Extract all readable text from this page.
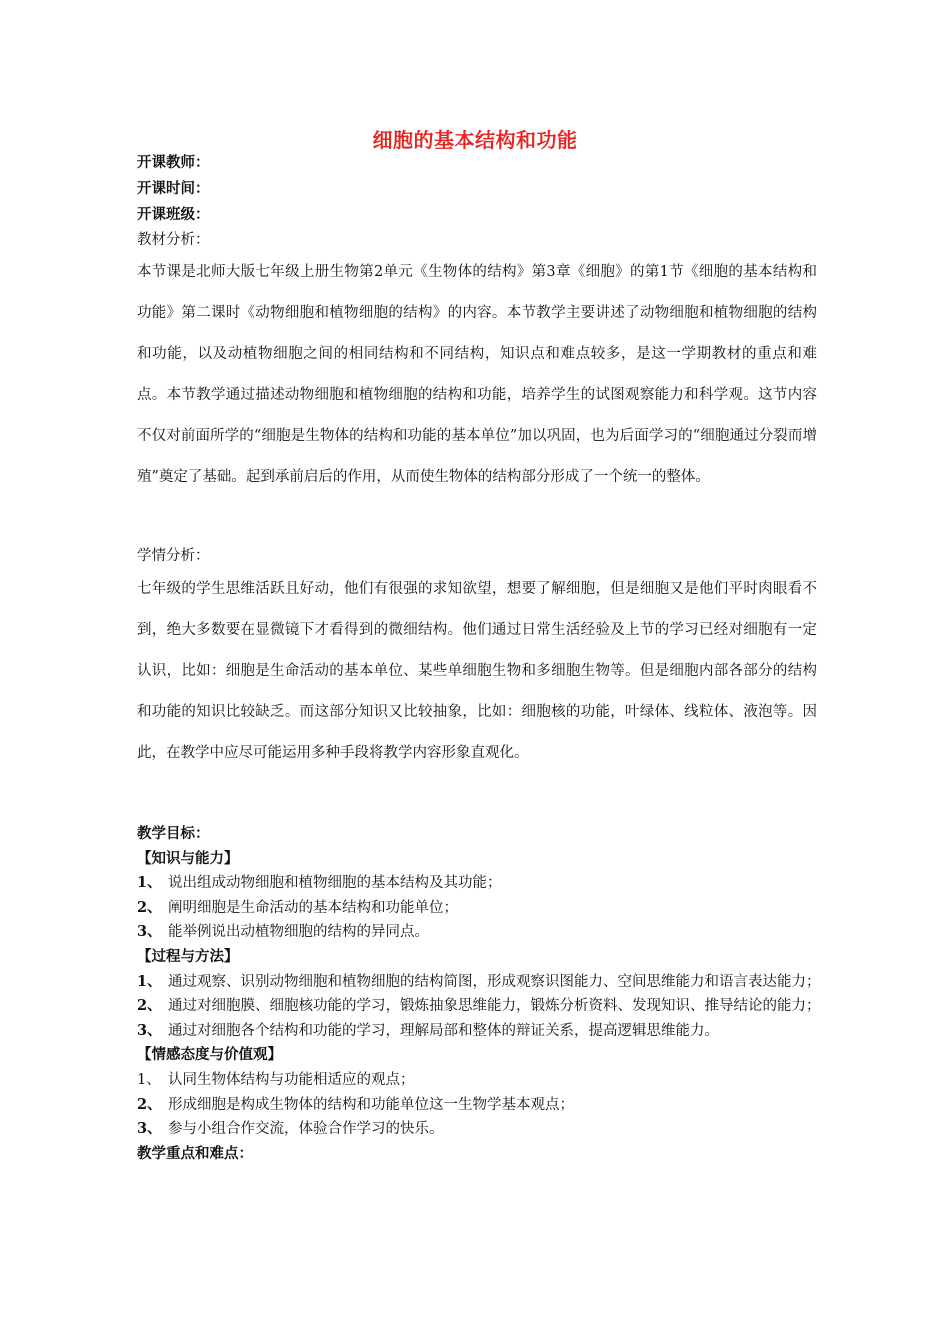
细胞的基本结构和功能
开课教师：
开课时间：
开课班级：
教材分析：

本节课是北师大版七年级上册生物第2单元《生物体的结构》第3章《细胞》的第1节《细胞的基本结构和功能》第二课时《动物细胞和植物细胞的结构》的内容。本节教学主要讲述了动物细胞和植物细胞的结构和功能，以及动植物细胞之间的相同结构和不同结构，知识点和难点较多，是这一学期教材的重点和难点。本节教学通过描述动物细胞和植物细胞的结构和功能，培养学生的试图观察能力和科学观。这节内容不仅对前面所学的“细胞是生物体的结构和功能的基本单位”加以巩固，也为后面学习的“细胞通过分裂而增殖”奠定了基础。起到承前启后的作用，从而使生物体的结构部分形成了一个统一的整体。

学情分析：

七年级的学生思维活跃且好动，他们有很强的求知欲望，想要了解细胞，但是细胞又是他们平时肉眼看不到，绝大多数要在显微镜下才看得到的微细结构。他们通过日常生活经验及上节的学习已经对细胞有一定认识，比如：细胞是生命活动的基本单位、某些单细胞生物和多细胞生物等。但是细胞内部各部分的结构和功能的知识比较缺乏。而这部分知识又比较抽象，比如：细胞核的功能，叶绿体、线粒体、液泡等。因此，在教学中应尽可能运用多种手段将教学内容形象直观化。

教学目标：
【知识与能力】
1、 说出组成动物细胞和植物细胞的基本结构及其功能；
2、 阐明细胞是生命活动的基本结构和功能单位；
3、 能举例说出动植物细胞的结构的异同点。
【过程与方法】
1、 通过观察、识别动物细胞和植物细胞的结构简图，形成观察识图能力、空间思维能力和语言表达能力；
2、 通过对细胞膜、细胞核功能的学习，锻炼抽象思维能力，锻炼分析资料、发现知识、推导结论的能力；
3、 通过对细胞各个结构和功能的学习，理解局部和整体的辩证关系，提高逻辑思维能力。
【情感态度与价值观】
1、 认同生物体结构与功能相适应的观点；
2、 形成细胞是构成生物体的结构和功能单位这一生物学基本观点；
3、 参与小组合作交流，体验合作学习的快乐。
教学重点和难点：
